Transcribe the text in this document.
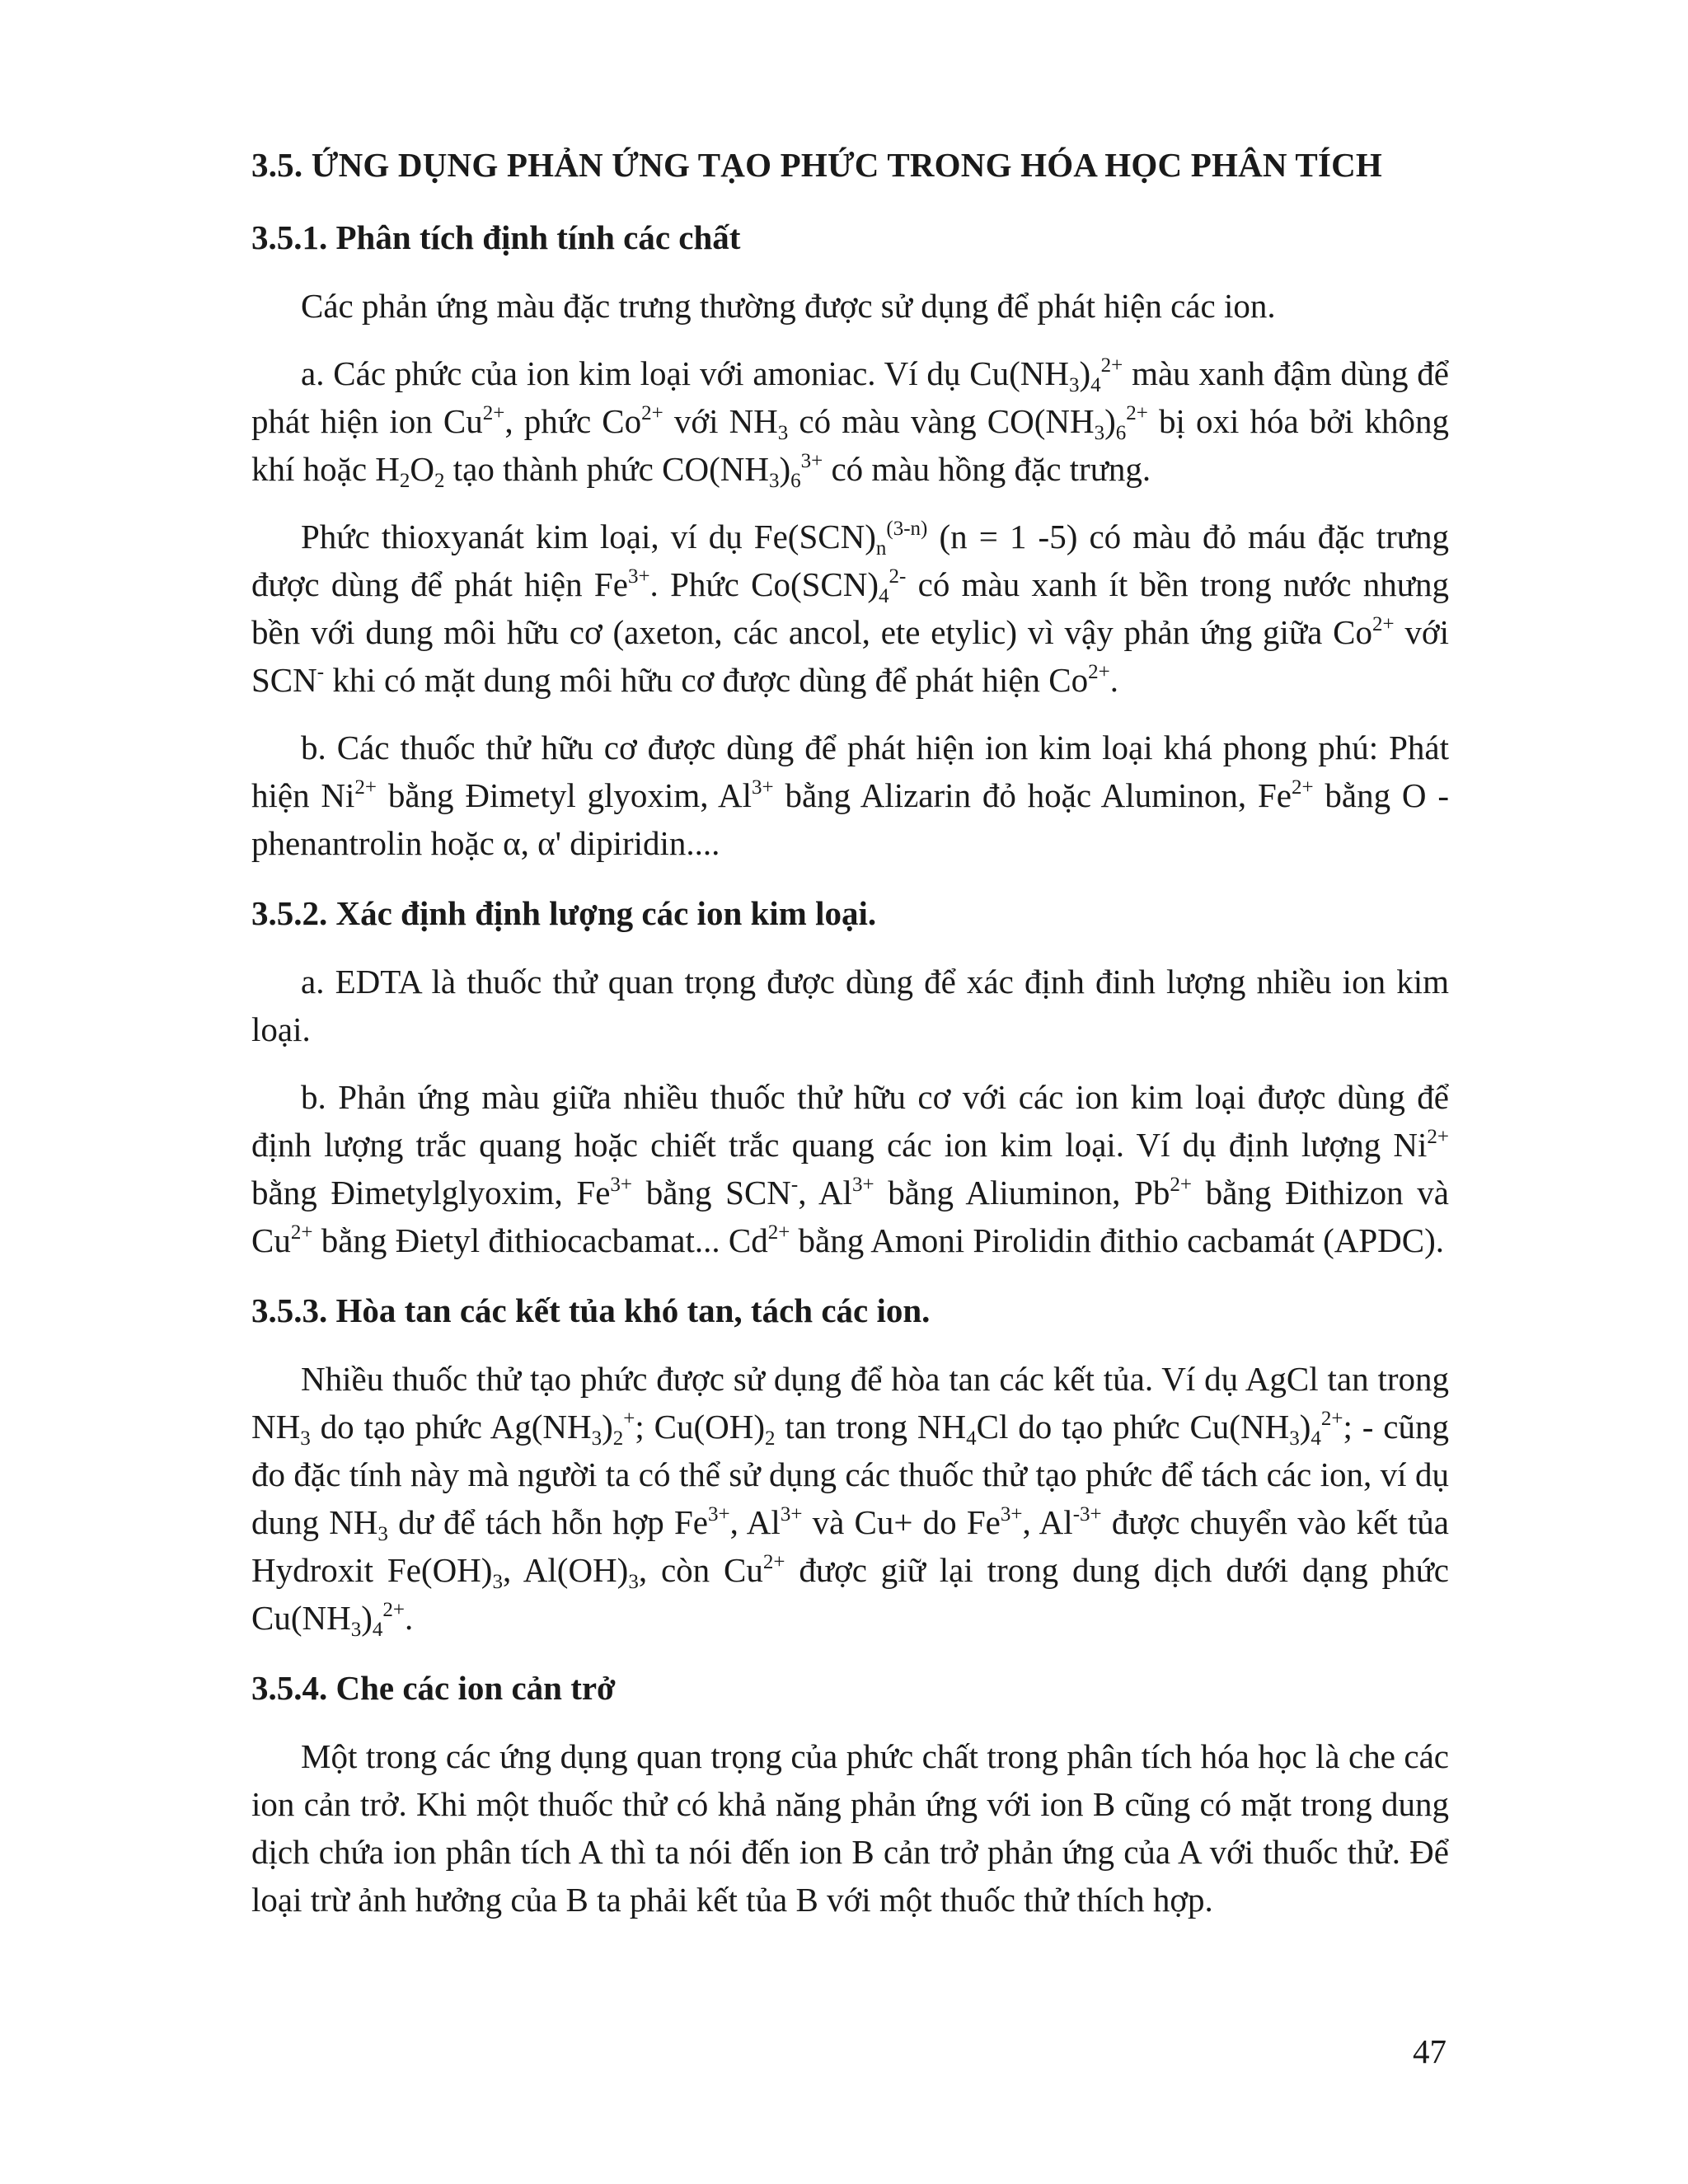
3.5. ỨNG DỤNG PHẢN ỨNG TẠO PHỨC TRONG HÓA HỌC PHÂN TÍCH
3.5.1. Phân tích định tính các chất

Các phản ứng màu đặc trưng thường được sử dụng để phát hiện các ion.

a. Các phức của ion kim loại với amoniac. Ví dụ $Cu(NH_3)_4^{2+}$ màu xanh đậm dùng để phát hiện ion $Cu^{2+}$, phức $Co^{2+}$ với $NH_3$ có màu vàng $CO(NH_3)_6^{2+}$ bị oxi hóa bởi không khí hoặc $H_2O_2$ tạo thành phức $CO(NH_3)_6^{3+}$ có màu hồng đặc trưng.

Phức thioxyanát kim loại, ví dụ $Fe(SCN)_n^{(3-n)}$ (n = 1 -5) có màu đỏ máu đặc trưng được dùng để phát hiện $Fe^{3+}$. Phức $Co(SCN)_4^{2-}$ có màu xanh ít bền trong nước nhưng bền với dung môi hữu cơ (axeton, các ancol, ete etylic) vì vậy phản ứng giữa $Co^{2+}$ với SCN- khi có mặt dung môi hữu cơ được dùng để phát hiện $Co^{2+}$.

b. Các thuốc thử hữu cơ được dùng để phát hiện ion kim loại khá phong phú: Phát hiện $Ni^{2+}$ bằng Đimetyl glyoxim, $Al^{3+}$ bằng Alizarin đỏ hoặc Aluminon, $Fe^{2+}$ bằng O - phenantrolin hoặc α, α' dipiridin....

3.5.2. Xác định định lượng các ion kim loại.

a. EDTA là thuốc thử quan trọng được dùng để xác định đinh lượng nhiều ion kim loại.

b. Phản ứng màu giữa nhiều thuốc thử hữu cơ với các ion kim loại được dùng để định lượng trắc quang hoặc chiết trắc quang các ion kim loại. Ví dụ định lượng $Ni^{2+}$ bằng Đimetylglyoxim, $Fe^{3+}$ bằng SCN-, $Al^{3+}$ bằng Aliuminon, $Pb^{2+}$ bằng Đithizon và $Cu^{2+}$ bằng Đietyl đithiocacbamat... $Cd^{2+}$ bằng Amoni Pirolidin đithio cacbamát (APDC).

3.5.3. Hòa tan các kết tủa khó tan, tách các ion.

Nhiều thuốc thử tạo phức được sử dụng để hòa tan các kết tủa. Ví dụ AgCl tan trong $NH_3$ do tạo phức $Ag(NH_3)_2^+$; $Cu(OH)_2$ tan trong $NH_4Cl$ do tạo phức $Cu(NH_3)_4^{2+}$; - cũng đo đặc tính này mà người ta có thể sử dụng các thuốc thử tạo phức để tách các ion, ví dụ dung $NH_3$ dư để tách hỗn hợp $Fe^{3+}$, $Al^{3+}$ và Cu+ do $Fe^{3+}$, $Al^{-3+}$ được chuyển vào kết tủa Hydroxit $Fe(OH)_3$, $Al(OH)_3$, còn $Cu^{2+}$ được giữ lại trong dung dịch dưới dạng phức $Cu(NH_3)_4^{2+}$.

3.5.4. Che các ion cản trở

Một trong các ứng dụng quan trọng của phức chất trong phân tích hóa học là che các ion cản trở. Khi một thuốc thử có khả năng phản ứng với ion B cũng có mặt trong dung dịch chứa ion phân tích A thì ta nói đến ion B cản trở phản ứng của A với thuốc thử. Để loại trừ ảnh hưởng của B ta phải kết tủa B với một thuốc thử thích hợp.

47
